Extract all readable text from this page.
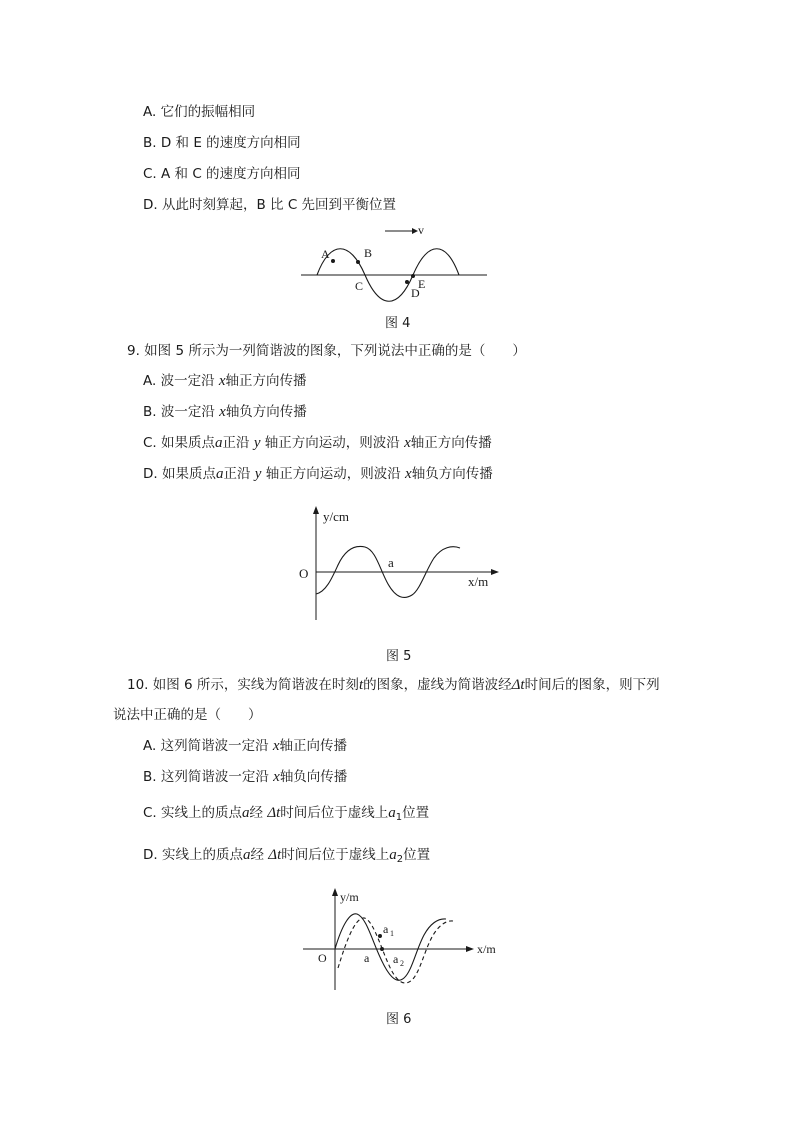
A. 它们的振幅相同
B. D 和 E 的速度方向相同
C. A 和 C 的速度方向相同
D. 从此时刻算起，B 比 C 先回到平衡位置
v
A	B
C	D
E
图 4
9. 如图 5 所示为一列简谐波的图象，下列说法中正确的是（　　）
A. 波一定沿 x轴正方向传播
B. 波一定沿 x轴负方向传播
C. 如果质点a正沿 y 轴正方向运动，则波沿 x轴正方向传播
D. 如果质点a正沿 y 轴正方向运动，则波沿 x轴负方向传播
y/cm
O
x/m
a
图 5
10. 如图 6 所示，实线为简谐波在时刻t的图象，虚线为简谐波经Δt时间后的图象，则下列
说法中正确的是（　　）
A. 这列简谐波一定沿 x轴正向传播
B. 这列简谐波一定沿 x轴负向传播
C. 实线上的质点a经 Δt时间后位于虚线上$a_1$位置
D. 实线上的质点a经 Δt时间后位于虚线上$a_2$位置
y/m
O
x/m
a
a 1
a 2
图 6
